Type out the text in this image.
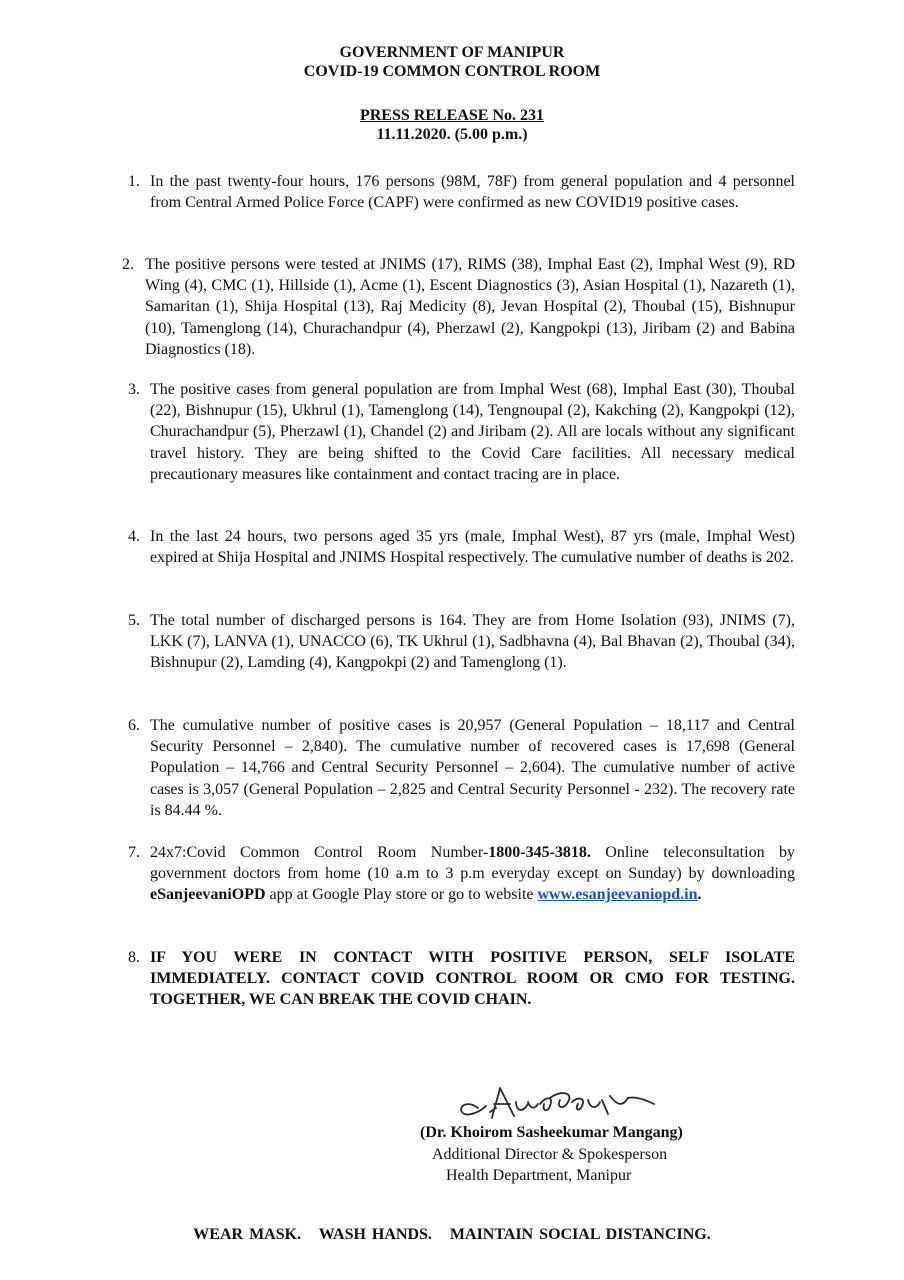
GOVERNMENT OF MANIPUR
COVID-19 COMMON CONTROL ROOM
PRESS RELEASE No. 231
11.11.2020. (5.00 p.m.)
1. In the past twenty-four hours, 176 persons (98M, 78F) from general population and 4 personnel from Central Armed Police Force (CAPF) were confirmed as new COVID19 positive cases.
2. The positive persons were tested at JNIMS (17), RIMS (38), Imphal East (2), Imphal West (9), RD Wing (4), CMC (1), Hillside (1), Acme (1), Escent Diagnostics (3), Asian Hospital (1), Nazareth (1), Samaritan (1), Shija Hospital (13), Raj Medicity (8), Jevan Hospital (2), Thoubal (15), Bishnupur (10), Tamenglong (14), Churachandpur (4), Pherzawl (2), Kangpokpi (13), Jiribam (2) and Babina Diagnostics (18).
3. The positive cases from general population are from Imphal West (68), Imphal East (30), Thoubal (22), Bishnupur (15), Ukhrul (1), Tamenglong (14), Tengnoupal (2), Kakching (2), Kangpokpi (12), Churachandpur (5), Pherzawl (1), Chandel (2) and Jiribam (2). All are locals without any significant travel history. They are being shifted to the Covid Care facilities. All necessary medical precautionary measures like containment and contact tracing are in place.
4. In the last 24 hours, two persons aged 35 yrs (male, Imphal West), 87 yrs (male, Imphal West) expired at Shija Hospital and JNIMS Hospital respectively. The cumulative number of deaths is 202.
5. The total number of discharged persons is 164. They are from Home Isolation (93), JNIMS (7), LKK (7), LANVA (1), UNACCO (6), TK Ukhrul (1), Sadbhavna (4), Bal Bhavan (2), Thoubal (34), Bishnupur (2), Lamding (4), Kangpokpi (2) and Tamenglong (1).
6. The cumulative number of positive cases is 20,957 (General Population – 18,117 and Central Security Personnel – 2,840). The cumulative number of recovered cases is 17,698 (General Population – 14,766 and Central Security Personnel – 2,604). The cumulative number of active cases is 3,057 (General Population – 2,825 and Central Security Personnel - 232). The recovery rate is 84.44 %.
7. 24x7:Covid Common Control Room Number-1800-345-3818. Online teleconsultation by government doctors from home (10 a.m to 3 p.m everyday except on Sunday) by downloading eSanjeevaniOPD app at Google Play store or go to website www.esanjeevaniopd.in.
8. IF YOU WERE IN CONTACT WITH POSITIVE PERSON, SELF ISOLATE IMMEDIATELY. CONTACT COVID CONTROL ROOM OR CMO FOR TESTING. TOGETHER, WE CAN BREAK THE COVID CHAIN.
(Dr. Khoirom Sasheekumar Mangang)
Additional Director & Spokesperson
Health Department, Manipur
WEAR MASK.   WASH HANDS.   MAINTAIN SOCIAL DISTANCING.
